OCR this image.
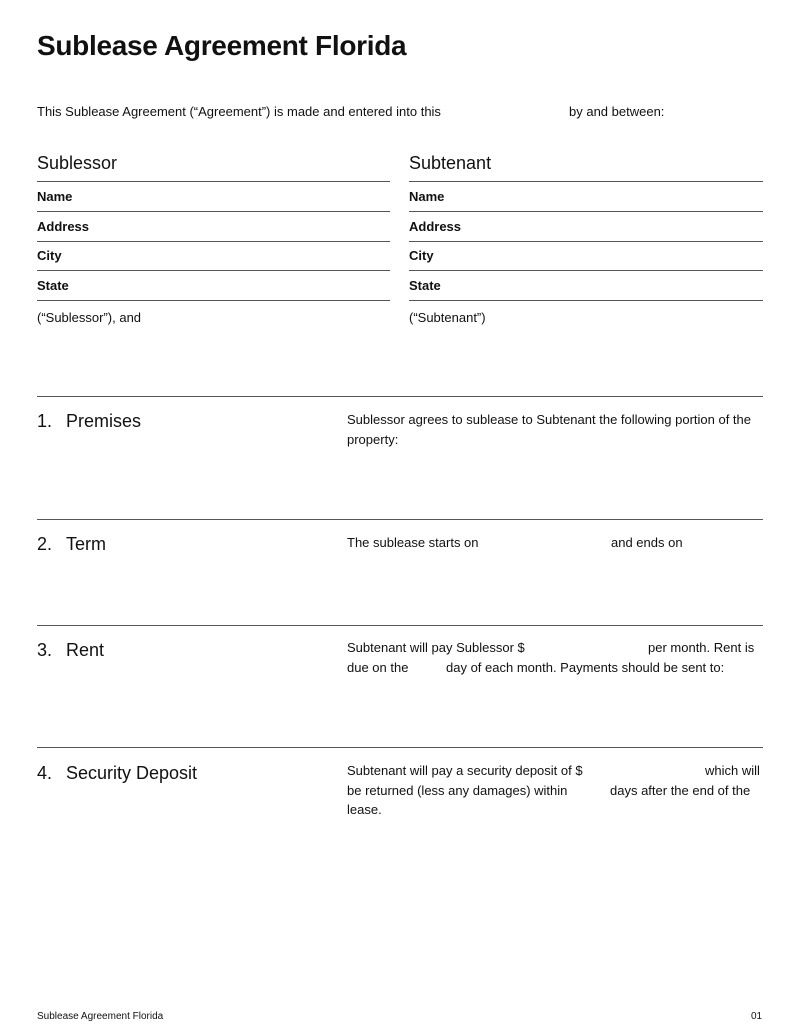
Sublease Agreement Florida
This Sublease Agreement (“Agreement”) is made and entered into this	by and between:
Sublessor
Name
Address
City
State
(“Sublessor”), and
Subtenant
Name
Address
City
State
(“Subtenant”)
1. Premises	Sublessor agrees to sublease to Subtenant the following portion of the
property:
2. Term	The sublease starts on	and ends on
3. Rent	Subtenant will pay Sublessor $	per month. Rent is
due on the	day of each month. Payments should be sent to:
4. Security Deposit	Subtenant will pay a security deposit of $	which will
be returned (less any damages) within	days after the end of the
lease.
Sublease Agreement Florida	01
